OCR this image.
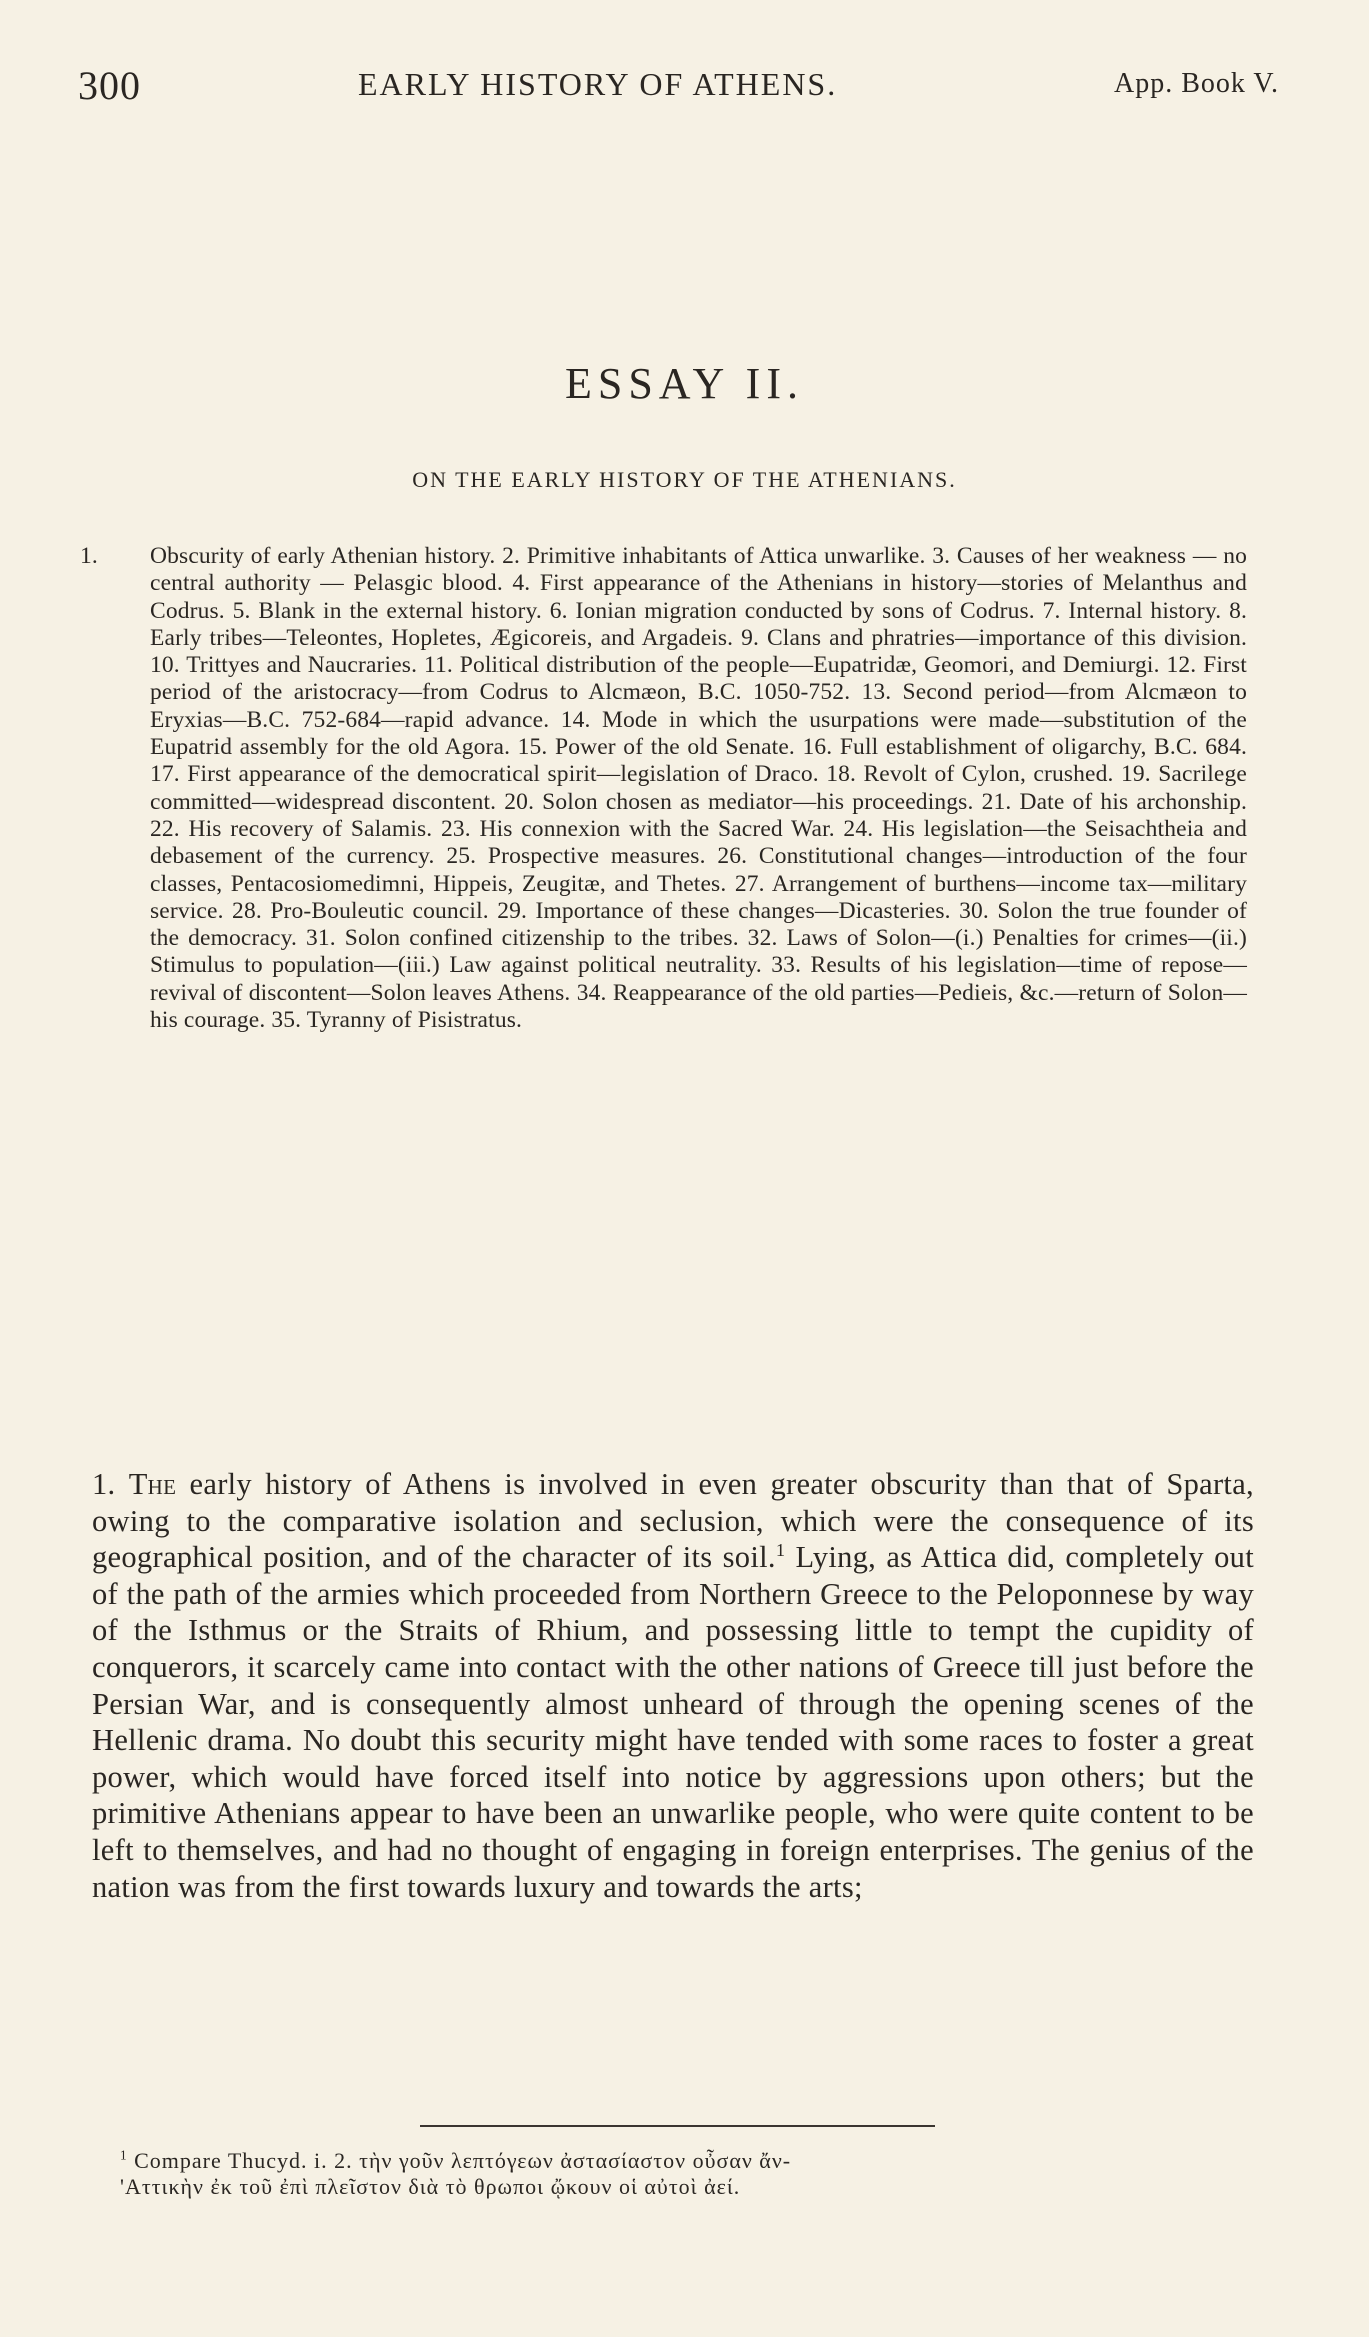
300	EARLY HISTORY OF ATHENS.	App. Book V.
ESSAY II.
ON THE EARLY HISTORY OF THE ATHENIANS.
1. Obscurity of early Athenian history. 2. Primitive inhabitants of Attica unwarlike. 3. Causes of her weakness — no central authority — Pelasgic blood. 4. First appearance of the Athenians in history—stories of Melanthus and Codrus. 5. Blank in the external history. 6. Ionian migration conducted by sons of Codrus. 7. Internal history. 8. Early tribes—Teleontes, Hopletes, Ægicoreis, and Argadeis. 9. Clans and phratries—importance of this division. 10. Trittyes and Naucraries. 11. Political distribution of the people—Eupatridæ, Geomori, and Demiurgi. 12. First period of the aristocracy—from Codrus to Alcmæon, B.C. 1050-752. 13. Second period—from Alcmæon to Eryxias—B.C. 752-684—rapid advance. 14. Mode in which the usurpations were made—substitution of the Eupatrid assembly for the old Agora. 15. Power of the old Senate. 16. Full establishment of oligarchy, B.C. 684. 17. First appearance of the democratical spirit—legislation of Draco. 18. Revolt of Cylon, crushed. 19. Sacrilege committed—widespread discontent. 20. Solon chosen as mediator—his proceedings. 21. Date of his archonship. 22. His recovery of Salamis. 23. His connexion with the Sacred War. 24. His legislation—the Seisachtheia and debasement of the currency. 25. Prospective measures. 26. Constitutional changes—introduction of the four classes, Pentacosiomedimni, Hippeis, Zeugitæ, and Thetes. 27. Arrangement of burthens—income tax—military service. 28. Pro-Bouleutic council. 29. Importance of these changes—Dicasteries. 30. Solon the true founder of the democracy. 31. Solon confined citizenship to the tribes. 32. Laws of Solon—(i.) Penalties for crimes—(ii.) Stimulus to population—(iii.) Law against political neutrality. 33. Results of his legislation—time of repose—revival of discontent—Solon leaves Athens. 34. Reappearance of the old parties—Pedieis, &c.—return of Solon—his courage. 35. Tyranny of Pisistratus.
1. The early history of Athens is involved in even greater obscurity than that of Sparta, owing to the comparative isolation and seclusion, which were the consequence of its geographical position, and of the character of its soil.$^1$ Lying, as Attica did, completely out of the path of the armies which proceeded from Northern Greece to the Peloponnese by way of the Isthmus or the Straits of Rhium, and possessing little to tempt the cupidity of conquerors, it scarcely came into contact with the other nations of Greece till just before the Persian War, and is consequently almost unheard of through the opening scenes of the Hellenic drama. No doubt this security might have tended with some races to foster a great power, which would have forced itself into notice by aggressions upon others; but the primitive Athenians appear to have been an unwarlike people, who were quite content to be left to themselves, and had no thought of engaging in foreign enterprises. The genius of the nation was from the first towards luxury and towards the arts;
$^1$ Compare Thucyd. i. 2. τὴν γοῦν λεπτόγεων ἀστασίαστον οὖσαν ἄν-
'Αττικὴν ἐκ τοῦ ἐπὶ πλεῖστον διὰ τὸ θρωποι ᾤκουν οἱ αὐτοὶ ἀεί.
